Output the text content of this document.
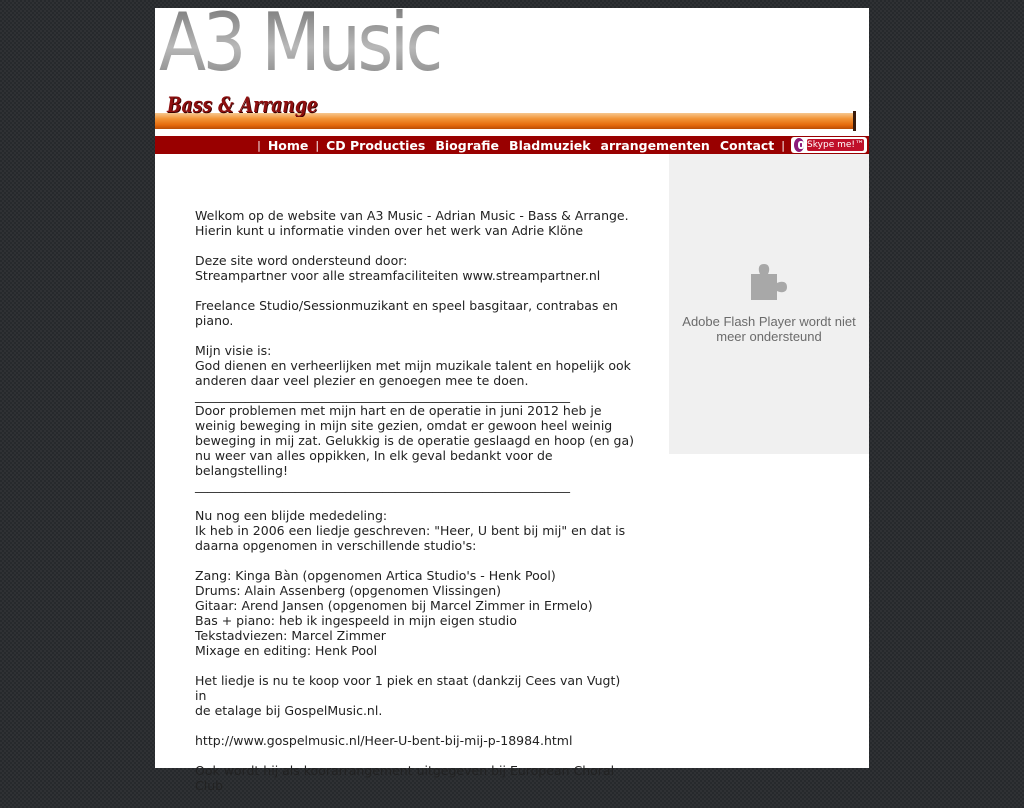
A3 Music
Bass & Arrange
| Home | CD Producties Biografie Bladmuziek arrangementen Contact | Skype me!™

Welkom op de website van A3 Music - Adrian Music - Bass & Arrange.
Hierin kunt u informatie vinden over het werk van Adrie Klöne

Deze site word ondersteund door:
Streampartner voor alle streamfaciliteiten www.streampartner.nl

Freelance Studio/Sessionmuzikant en speel basgitaar, contrabas en
piano.

Mijn visie is:
God dienen en verheerlijken met mijn muzikale talent en hopelijk ook
anderen daar veel plezier en genoegen mee te doen.

____________________________________________________________

Door problemen met mijn hart en de operatie in juni 2012 heb je
weinig beweging in mijn site gezien, omdat er gewoon heel weinig
beweging in mij zat. Gelukkig is de operatie geslaagd en hoop (en ga)
nu weer van alles oppikken, In elk geval bedankt voor de
belangstelling!

____________________________________________________________

Nu nog een blijde mededeling:
Ik heb in 2006 een liedje geschreven: "Heer, U bent bij mij" en dat is
daarna opgenomen in verschillende studio's:

Zang: Kinga Bàn (opgenomen Artica Studio's - Henk Pool)
Drums: Alain Assenberg (opgenomen Vlissingen)
Gitaar: Arend Jansen (opgenomen bij Marcel Zimmer in Ermelo)
Bas + piano: heb ik ingespeeld in mijn eigen studio
Tekstadviezen: Marcel Zimmer
Mixage en editing: Henk Pool

Het liedje is nu te koop voor 1 piek en staat (dankzij Cees van Vugt) in
de etalage bij GospelMusic.nl.

http://www.gospelmusic.nl/Heer-U-bent-bij-mij-p-18984.html

Ook wordt hij als koorarrangement uitgegeven bij European Choral
Club

Adobe Flash Player wordt niet meer ondersteund
